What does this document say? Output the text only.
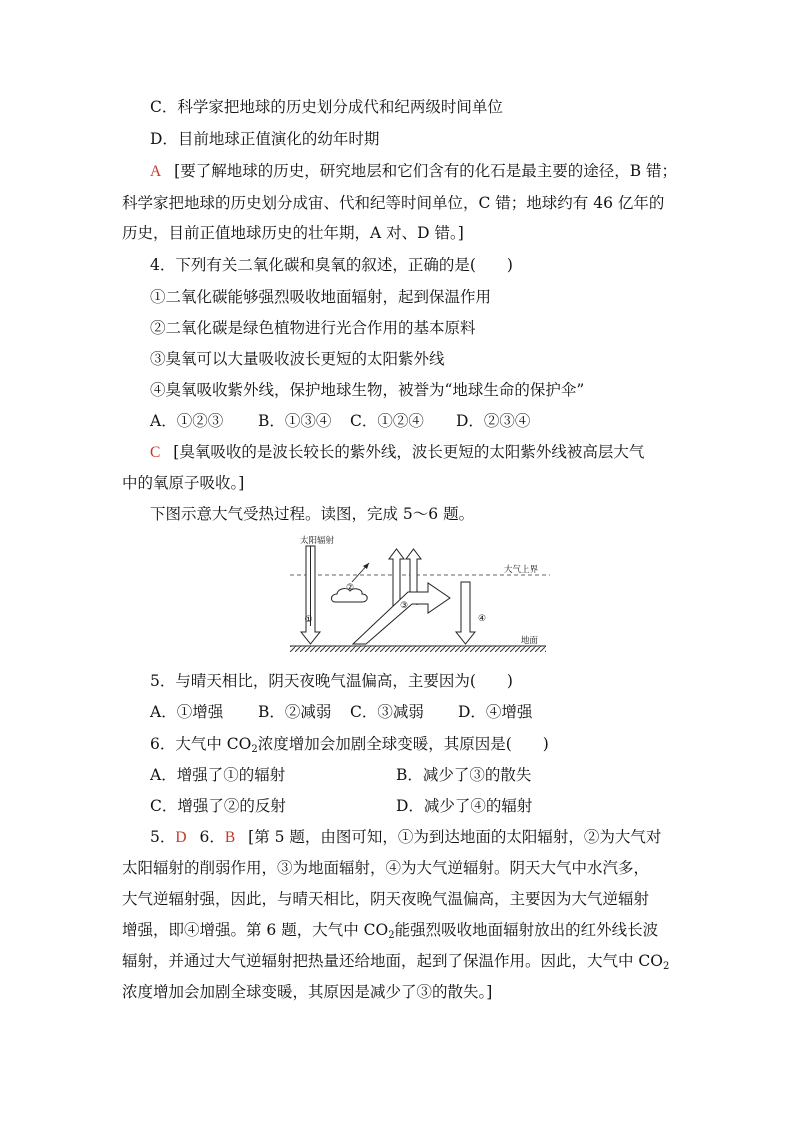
C．科学家把地球的历史划分成代和纪两级时间单位
D．目前地球正值演化的幼年时期
A [要了解地球的历史，研究地层和它们含有的化石是最主要的途径，B 错；
科学家把地球的历史划分成宙、代和纪等时间单位，C 错；地球约有 46 亿年的
历史，目前正值地球历史的壮年期，A 对、D 错。]
4．下列有关二氧化碳和臭氧的叙述，正确的是(　　)
①二氧化碳能够强烈吸收地面辐射，起到保温作用
②二氧化碳是绿色植物进行光合作用的基本原料
③臭氧可以大量吸收波长更短的太阳紫外线
④臭氧吸收紫外线，保护地球生物，被誉为“地球生命的保护伞”
A．①②③ B．①③④ C．①②④ D．②③④
C [臭氧吸收的是波长较长的紫外线，波长更短的太阳紫外线被高层大气
中的氧原子吸收。]
下图示意大气受热过程。读图，完成 5～6 题。
太阳辐射
大气上界
地面
①
②
③
④
5．与晴天相比，阴天夜晚气温偏高，主要因为(　　)
A．①增强 B．②减弱 C．③减弱 D．④增强
6．大气中 $CO_2$浓度增加会加剧全球变暖，其原因是(　　)
A．增强了①的辐射	B．减少了③的散失
C．增强了②的反射	D．减少了④的辐射
5．D 6．B [第 5 题，由图可知，①为到达地面的太阳辐射，②为大气对
太阳辐射的削弱作用，③为地面辐射，④为大气逆辐射。阴天大气中水汽多，
大气逆辐射强，因此，与晴天相比，阴天夜晚气温偏高，主要因为大气逆辐射
增强，即④增强。第 6 题，大气中 $CO_2$能强烈吸收地面辐射放出的红外线长波
辐射，并通过大气逆辐射把热量还给地面，起到了保温作用。因此，大气中 $CO_2$
浓度增加会加剧全球变暖，其原因是减少了③的散失。]
